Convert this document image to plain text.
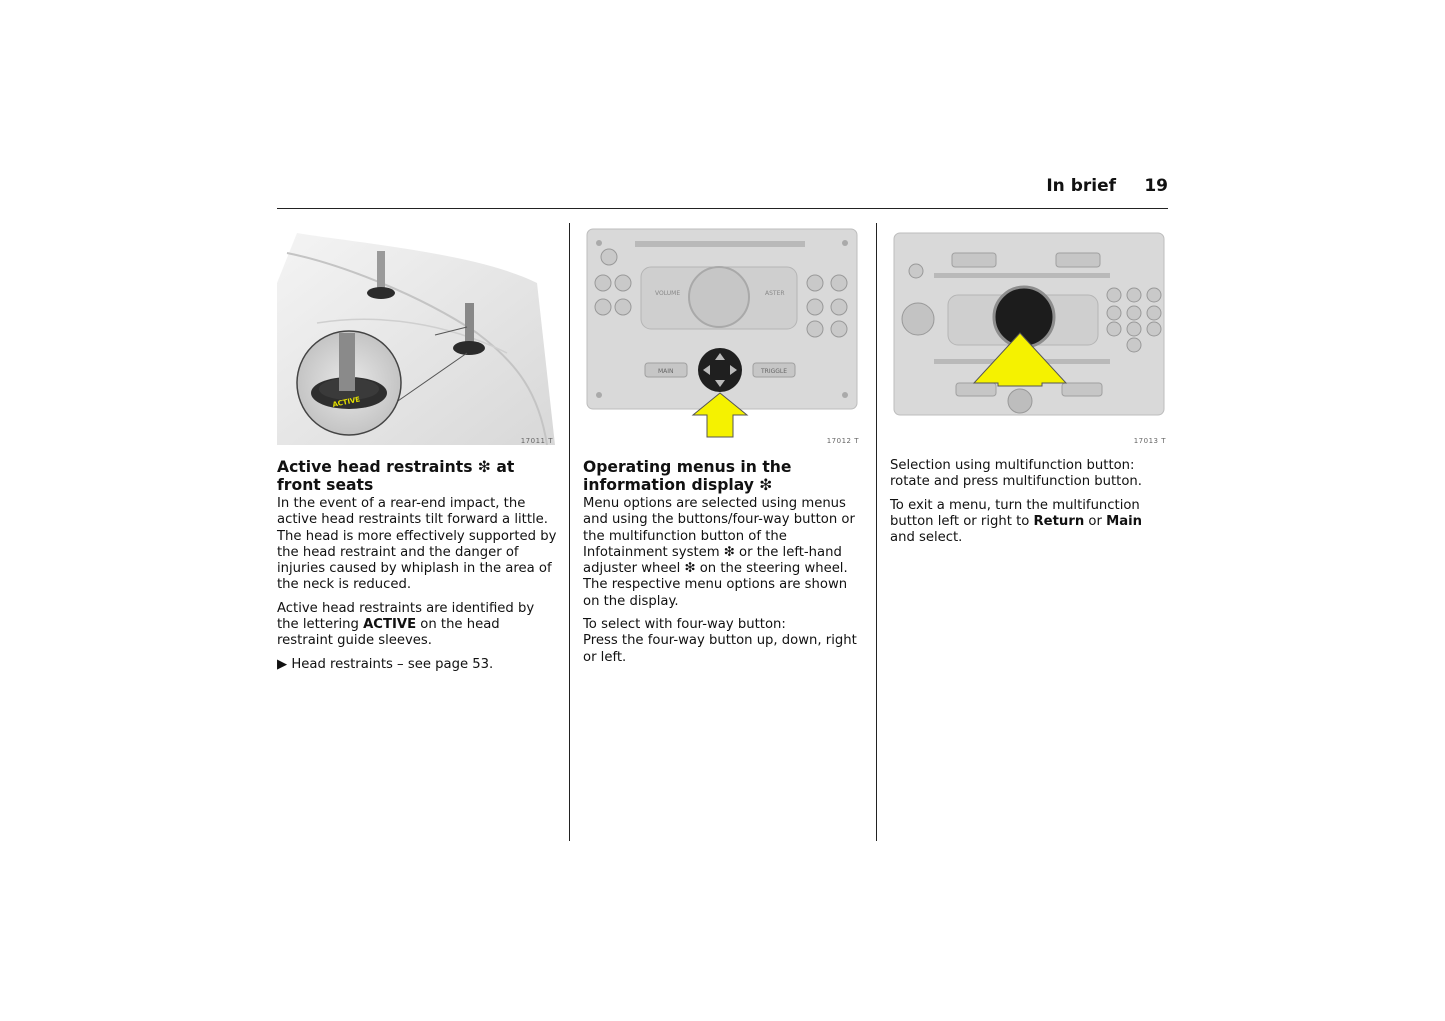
In brief 19
ACTIVE
17011 T
Active head restraints ❇ at front seats

In the event of a rear-end impact, the active head restraints tilt forward a little. The head is more effectively supported by the head restraint and the danger of injuries caused by whiplash in the area of the neck is reduced.

Active head restraints are identified by the lettering ACTIVE on the head restraint guide sleeves.

▶ Head restraints – see page 53.

VOLUME	ASTER
MAIN	TRIGGLE
17012 T
Operating menus in the information display ❇

Menu options are selected using menus and using the buttons/four-way button or the multifunction button of the Infotainment system ❇ or the left-hand adjuster wheel ❇ on the steering wheel. The respective menu options are shown on the display.

To select with four-way button:
Press the four-way button up, down, right or left.

17013 T

Selection using multifunction button: rotate and press multifunction button.

To exit a menu, turn the multifunction button left or right to Return or Main and select.
